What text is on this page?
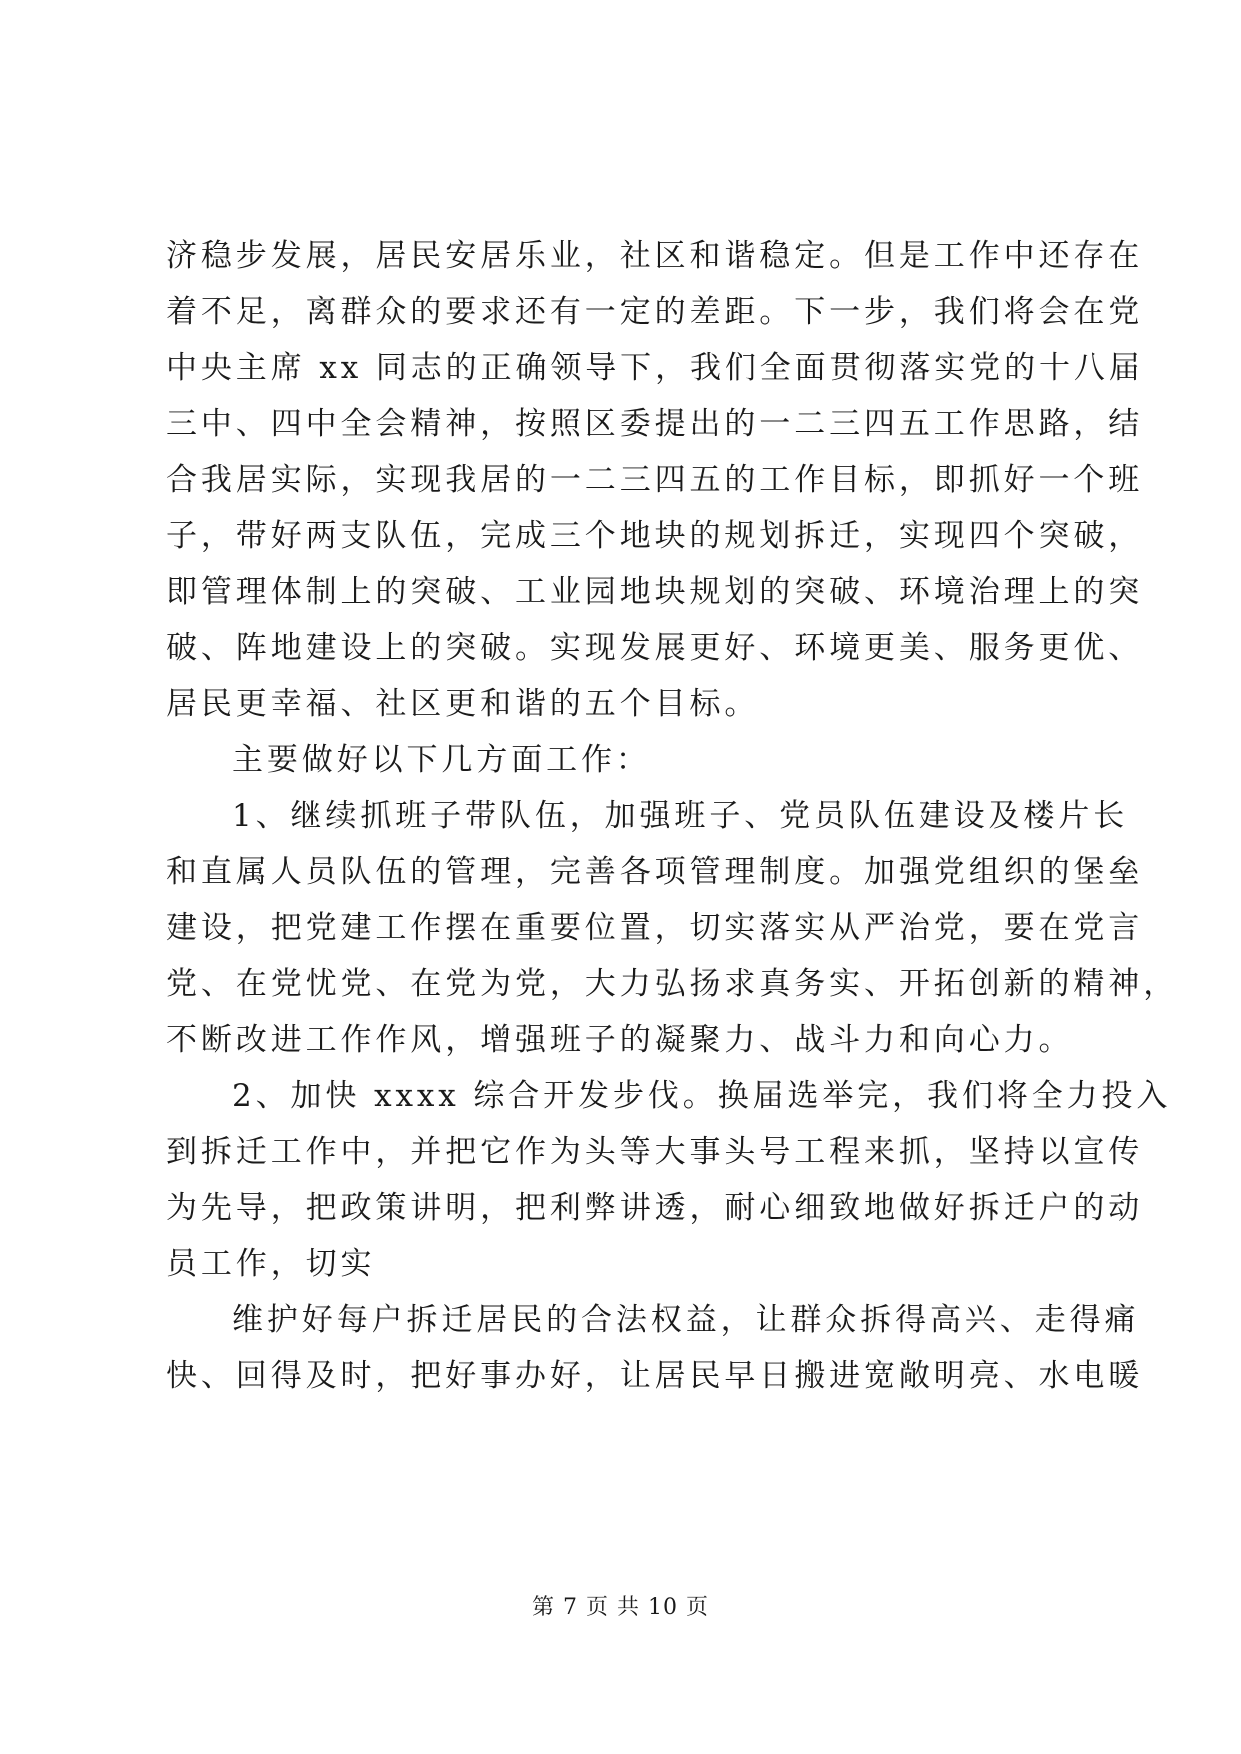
济稳步发展，居民安居乐业，社区和谐稳定。但是工作中还存在
着不足，离群众的要求还有一定的差距。下一步，我们将会在党
中央主席 xx 同志的正确领导下，我们全面贯彻落实党的十八届
三中、四中全会精神，按照区委提出的一二三四五工作思路，结
合我居实际，实现我居的一二三四五的工作目标，即抓好一个班
子，带好两支队伍，完成三个地块的规划拆迁，实现四个突破，
即管理体制上的突破、工业园地块规划的突破、环境治理上的突
破、阵地建设上的突破。实现发展更好、环境更美、服务更优、
居民更幸福、社区更和谐的五个目标。
主要做好以下几方面工作：
1、继续抓班子带队伍，加强班子、党员队伍建设及楼片长
和直属人员队伍的管理，完善各项管理制度。加强党组织的堡垒
建设，把党建工作摆在重要位置，切实落实从严治党，要在党言
党、在党忧党、在党为党，大力弘扬求真务实、开拓创新的精神，
不断改进工作作风，增强班子的凝聚力、战斗力和向心力。
2、加快 xxxx 综合开发步伐。换届选举完，我们将全力投入
到拆迁工作中，并把它作为头等大事头号工程来抓，坚持以宣传
为先导，把政策讲明，把利弊讲透，耐心细致地做好拆迁户的动
员工作，切实
维护好每户拆迁居民的合法权益，让群众拆得高兴、走得痛
快、回得及时，把好事办好，让居民早日搬进宽敞明亮、水电暖
第 7 页 共 10 页
